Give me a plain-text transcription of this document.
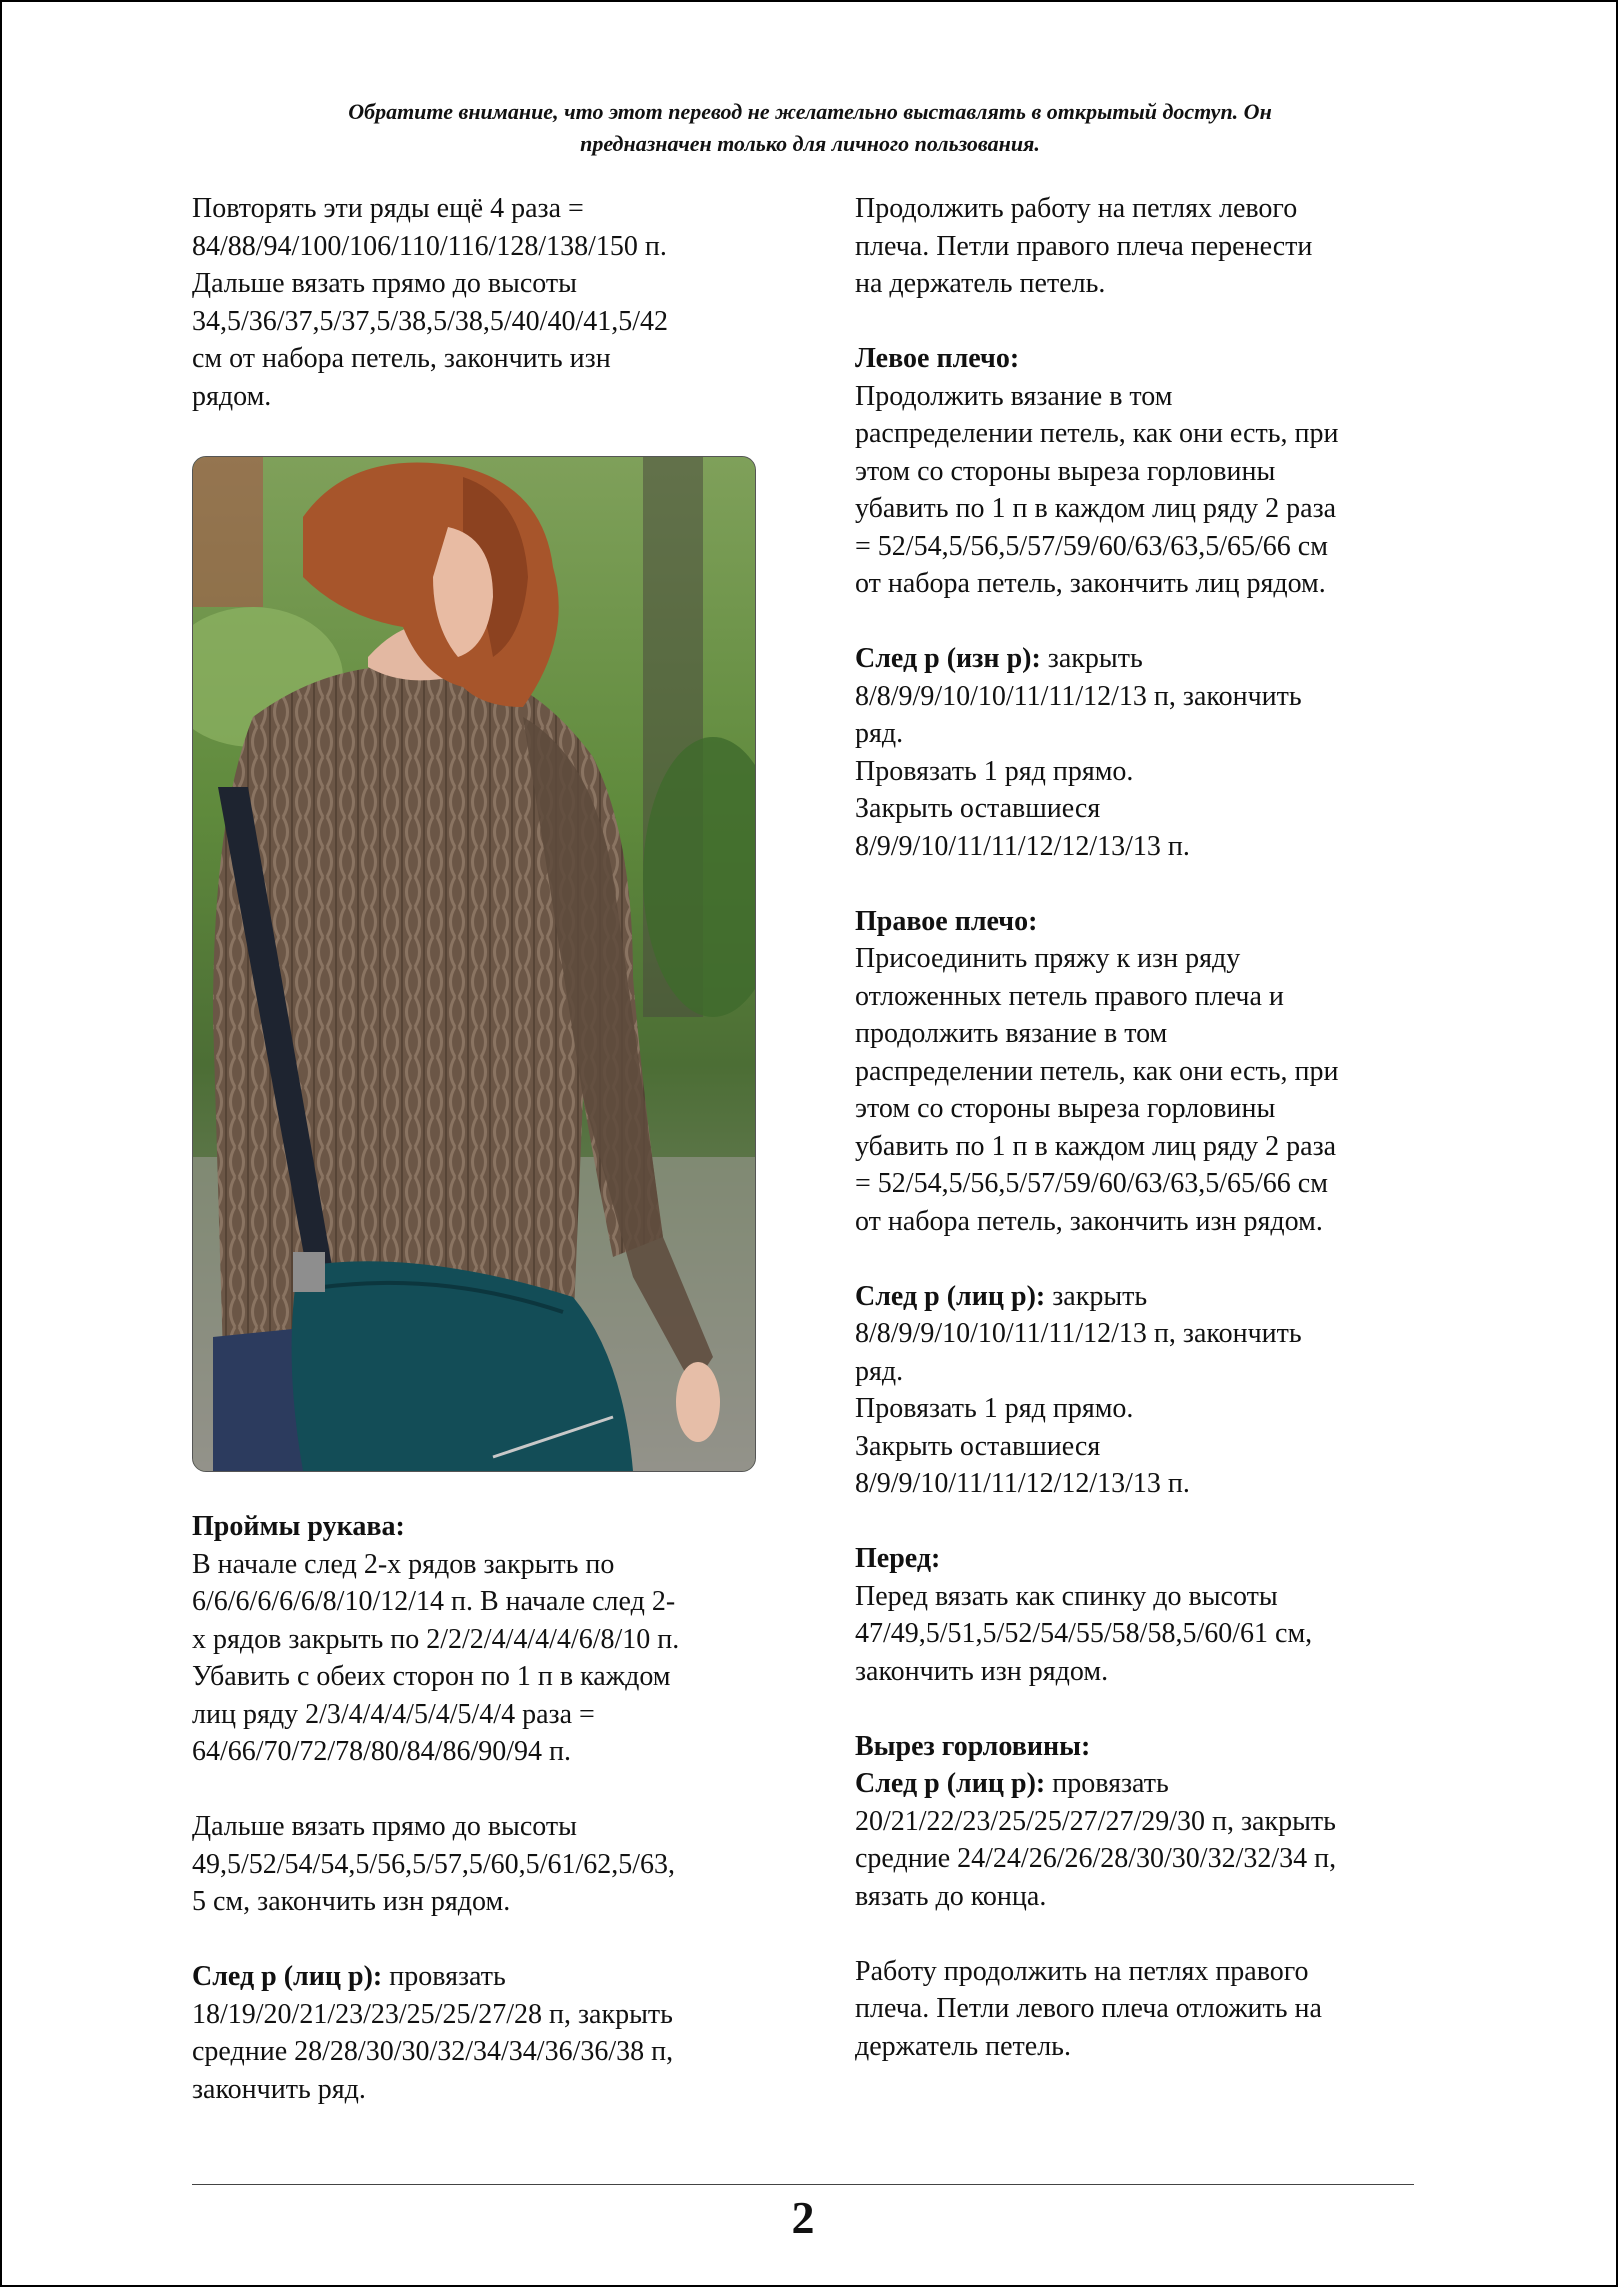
Обратите внимание, что этот перевод не желательно выставлять в открытый доступ. Он
предназначен только для личного пользования.

Повторять эти ряды ещё 4 раза =

84/88/94/100/106/110/116/128/138/150 п.

Дальше вязать прямо до высоты

34,5/36/37,5/37,5/38,5/38,5/40/40/41,5/42

см от набора петель, закончить изн

рядом.

Проймы рукава:

В начале след 2-х рядов закрыть по

6/6/6/6/6/6/8/10/12/14 п. В начале след 2-

х рядов закрыть по 2/2/2/4/4/4/4/6/8/10 п.

Убавить с обеих сторон по 1 п в каждом

лиц ряду 2/3/4/4/4/5/4/5/4/4 раза =

64/66/70/72/78/80/84/86/90/94 п.

Дальше вязать прямо до высоты

49,5/52/54/54,5/56,5/57,5/60,5/61/62,5/63,

5 см, закончить изн рядом.

След р (лиц р): провязать

18/19/20/21/23/23/25/25/27/28 п, закрыть

средние 28/28/30/30/32/34/34/36/36/38 п,

закончить ряд.

Продолжить работу на петлях левого

плеча. Петли правого плеча перенести

на держатель петель.

Левое плечо:

Продолжить вязание в том

распределении петель, как они есть, при

этом со стороны выреза горловины

убавить по 1 п в каждом лиц ряду 2 раза

= 52/54,5/56,5/57/59/60/63/63,5/65/66 см

от набора петель, закончить лиц рядом.

След р (изн р): закрыть

8/8/9/9/10/10/11/11/12/13 п, закончить

ряд.

Провязать 1 ряд прямо.

Закрыть оставшиеся

8/9/9/10/11/11/12/12/13/13 п.

Правое плечо:

Присоединить пряжу к изн ряду

отложенных петель правого плеча и

продолжить вязание в том

распределении петель, как они есть, при

этом со стороны выреза горловины

убавить по 1 п в каждом лиц ряду 2 раза

= 52/54,5/56,5/57/59/60/63/63,5/65/66 см

от набора петель, закончить изн рядом.

След р (лиц р): закрыть

8/8/9/9/10/10/11/11/12/13 п, закончить

ряд.

Провязать 1 ряд прямо.

Закрыть оставшиеся

8/9/9/10/11/11/12/12/13/13 п.

Перед:

Перед вязать как спинку до высоты

47/49,5/51,5/52/54/55/58/58,5/60/61 см,

закончить изн рядом.

Вырез горловины:

След р (лиц р): провязать

20/21/22/23/25/25/27/27/29/30 п, закрыть

средние 24/24/26/26/28/30/30/32/32/34 п,

вязать до конца.

Работу продолжить на петлях правого

плеча. Петли левого плеча отложить на

держатель петель.

2
